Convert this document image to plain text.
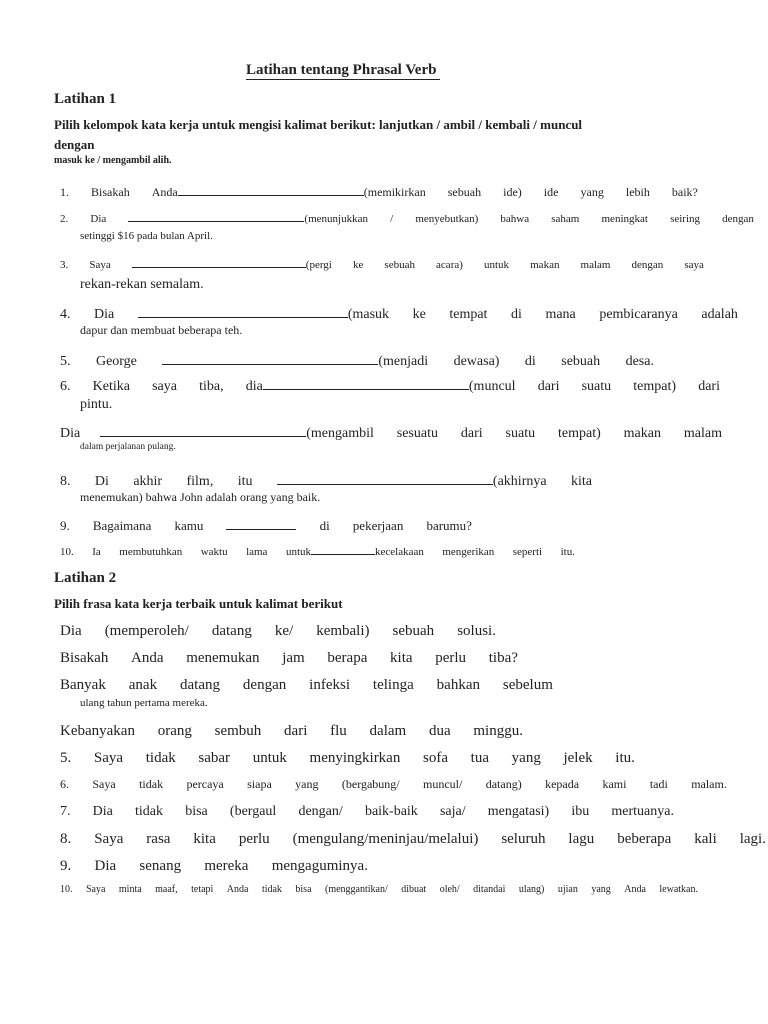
Latihan tentang Phrasal Verb
Latihan 1
Pilih kelompok kata kerja untuk mengisi kalimat berikut: lanjutkan / ambil / kembali / muncul
dengan
masuk ke / mengambil alih.
1. Bisakah Anda	(memikirkan sebuah ide) ide yang lebih baik?
2. Dia	(menunjukkan / menyebutkan) bahwa saham meningkat seiring dengan
setinggi $16 pada bulan April.
3. Saya	(pergi ke sebuah acara) untuk makan malam dengan saya
rekan-rekan semalam.
4. Dia	(masuk ke tempat di mana pembicaranya adalah
dapur dan membuat beberapa teh.
5. George	(menjadi dewasa) di sebuah desa.
6. Ketika saya tiba, dia	(muncul dari suatu tempat) dari
pintu.
Dia	(mengambil sesuatu dari suatu tempat) makan malam
dalam perjalanan pulang.
8. Di akhir film, itu	(akhirnya kita
menemukan) bahwa John adalah orang yang baik.
9. Bagaimana kamu	di pekerjaan barumu?
10. Ia membutuhkan waktu lama untuk	kecelakaan mengerikan seperti itu.
Latihan 2
Pilih frasa kata kerja terbaik untuk kalimat berikut
Dia (memperoleh/ datang ke/ kembali) sebuah solusi.
Bisakah Anda menemukan jam berapa kita perlu tiba?
Banyak anak datang dengan infeksi telinga bahkan sebelum
ulang tahun pertama mereka.
Kebanyakan orang sembuh dari flu dalam dua minggu.
5. Saya tidak sabar untuk menyingkirkan sofa tua yang jelek itu.
6. Saya tidak percaya siapa yang (bergabung/ muncul/ datang) kepada kami tadi malam.
7. Dia tidak bisa (bergaul dengan/ baik-baik saja/ mengatasi) ibu mertuanya.
8. Saya rasa kita perlu (mengulang/meninjau/melalui) seluruh lagu beberapa kali lagi.
9. Dia senang mereka mengaguminya.
10. Saya minta maaf, tetapi Anda tidak bisa (menggantikan/ dibuat oleh/ ditandai ulang) ujian yang Anda lewatkan.
